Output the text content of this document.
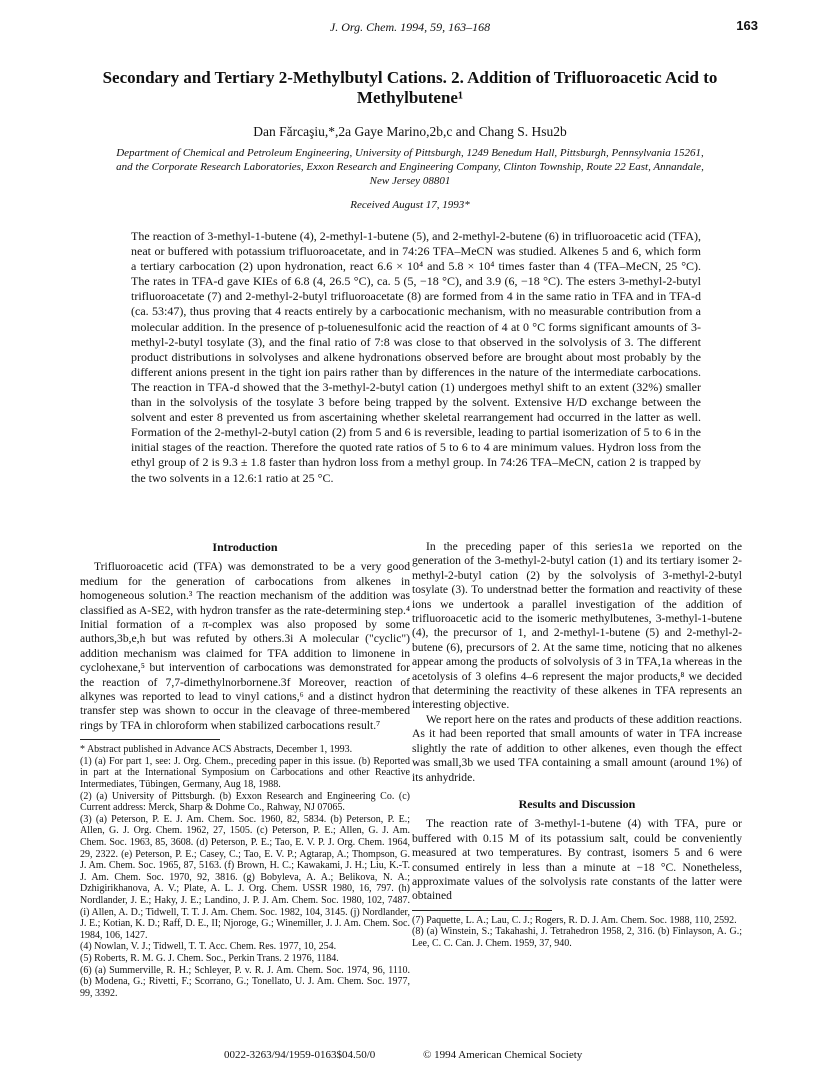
J. Org. Chem. 1994, 59, 163–168	163
Secondary and Tertiary 2-Methylbutyl Cations. 2. Addition of Trifluoroacetic Acid to Methylbutene¹
Dan Fărcaşiu,*,2a Gaye Marino,2b,c and Chang S. Hsu2b
Department of Chemical and Petroleum Engineering, University of Pittsburgh, 1249 Benedum Hall, Pittsburgh, Pennsylvania 15261, and the Corporate Research Laboratories, Exxon Research and Engineering Company, Clinton Township, Route 22 East, Annandale, New Jersey 08801
Received August 17, 1993*
The reaction of 3-methyl-1-butene (4), 2-methyl-1-butene (5), and 2-methyl-2-butene (6) in trifluoroacetic acid (TFA), neat or buffered with potassium trifluoroacetate, and in 74:26 TFA–MeCN was studied. Alkenes 5 and 6, which form a tertiary carbocation (2) upon hydronation, react 6.6 × 10⁴ and 5.8 × 10⁴ times faster than 4 (TFA–MeCN, 25 °C). The rates in TFA-d gave KIEs of 6.8 (4, 26.5 °C), ca. 5 (5, −18 °C), and 3.9 (6, −18 °C). The esters 3-methyl-2-butyl trifluoroacetate (7) and 2-methyl-2-butyl trifluoroacetate (8) are formed from 4 in the same ratio in TFA and in TFA-d (ca. 53:47), thus proving that 4 reacts entirely by a carbocationic mechanism, with no measurable contribution from a molecular addition. In the presence of p-toluenesulfonic acid the reaction of 4 at 0 °C forms significant amounts of 3-methyl-2-butyl tosylate (3), and the final ratio of 7:8 was close to that observed in the solvolysis of 3. The different product distributions in solvolyses and alkene hydronations observed before are brought about most probably by the different anions present in the tight ion pairs rather than by differences in the nature of the intermediate carbocations. The reaction in TFA-d showed that the 3-methyl-2-butyl cation (1) undergoes methyl shift to an extent (32%) smaller than in the solvolysis of the tosylate 3 before being trapped by the solvent. Extensive H/D exchange between the solvent and ester 8 prevented us from ascertaining whether skeletal rearrangement had occurred in the latter as well. Formation of the 2-methyl-2-butyl cation (2) from 5 and 6 is reversible, leading to partial isomerization of 5 to 6 in the initial stages of the reaction. Therefore the quoted rate ratios of 5 to 6 to 4 are minimum values. Hydron loss from the ethyl group of 2 is 9.3 ± 1.8 faster than hydron loss from a methyl group. In 74:26 TFA–MeCN, cation 2 is trapped by the two solvents in a 12.6:1 ratio at 25 °C.
Introduction

Trifluoroacetic acid (TFA) was demonstrated to be a very good medium for the generation of carbocations from alkenes in homogeneous solution.³ The reaction mechanism of the addition was classified as A-SE2, with hydron transfer as the rate-determining step.⁴ Initial formation of a π-complex was also proposed by some authors,3b,e,h but was refuted by others.3i A molecular ("cyclic") addition mechanism was claimed for TFA addition to limonene in cyclohexane,⁵ but intervention of carbocations was demonstrated for the reaction of 7,7-dimethylnorbornene.3f Moreover, reaction of alkynes was reported to lead to vinyl cations,⁶ and a distinct hydron transfer step was shown to occur in the cleavage of three-membered rings by TFA in chloroform when stabilized carbocations result.⁷

* Abstract published in Advance ACS Abstracts, December 1, 1993.

(1) (a) For part 1, see: J. Org. Chem., preceding paper in this issue. (b) Reported in part at the International Symposium on Carbocations and other Reactive Intermediates, Tübingen, Germany, Aug 18, 1988.

(2) (a) University of Pittsburgh. (b) Exxon Research and Engineering Co. (c) Current address: Merck, Sharp & Dohme Co., Rahway, NJ 07065.

(3) (a) Peterson, P. E. J. Am. Chem. Soc. 1960, 82, 5834. (b) Peterson, P. E.; Allen, G. J. Org. Chem. 1962, 27, 1505. (c) Peterson, P. E.; Allen, G. J. Am. Chem. Soc. 1963, 85, 3608. (d) Peterson, P. E.; Tao, E. V. P. J. Org. Chem. 1964, 29, 2322. (e) Peterson, P. E.; Casey, C.; Tao, E. V. P.; Agtarap, A.; Thompson, G. J. Am. Chem. Soc. 1965, 87, 5163. (f) Brown, H. C.; Kawakami, J. H.; Liu, K.-T. J. Am. Chem. Soc. 1970, 92, 3816. (g) Bobyleva, A. A.; Belikova, N. A.; Dzhigirikhanova, A. V.; Plate, A. L. J. Org. Chem. USSR 1980, 16, 797. (h) Nordlander, J. E.; Haky, J. E.; Landino, J. P. J. Am. Chem. Soc. 1980, 102, 7487. (i) Allen, A. D.; Tidwell, T. T. J. Am. Chem. Soc. 1982, 104, 3145. (j) Nordlander, J. E.; Kotian, K. D.; Raff, D. E., II; Njoroge, G.; Winemiller, J. J. Am. Chem. Soc. 1984, 106, 1427.

(4) Nowlan, V. J.; Tidwell, T. T. Acc. Chem. Res. 1977, 10, 254.

(5) Roberts, R. M. G. J. Chem. Soc., Perkin Trans. 2 1976, 1184.

(6) (a) Summerville, R. H.; Schleyer, P. v. R. J. Am. Chem. Soc. 1974, 96, 1110. (b) Modena, G.; Rivetti, F.; Scorrano, G.; Tonellato, U. J. Am. Chem. Soc. 1977, 99, 3392.

In the preceding paper of this series1a we reported on the generation of the 3-methyl-2-butyl cation (1) and its tertiary isomer 2-methyl-2-butyl cation (2) by the solvolysis of 3-methyl-2-butyl tosylate (3). To understnad better the formation and reactivity of these ions we undertook a parallel investigation of the addition of trifluoroacetic acid to the isomeric methylbutenes, 3-methyl-1-butene (4), the precursor of 1, and 2-methyl-1-butene (5) and 2-methyl-2-butene (6), precursors of 2. At the same time, noticing that no alkenes appear among the products of solvolysis of 3 in TFA,1a whereas in the acetolysis of 3 olefins 4–6 represent the major products,⁸ we decided that determining the reactivity of these alkenes in TFA represents an interesting objective.

We report here on the rates and products of these addition reactions. As it had been reported that small amounts of water in TFA increase slightly the rate of addition to other alkenes, even though the effect was small,3b we used TFA containing a small amount (around 1%) of its anhydride.

Results and Discussion

The reaction rate of 3-methyl-1-butene (4) with TFA, pure or buffered with 0.15 M of its potassium salt, could be conveniently measured at two temperatures. By contrast, isomers 5 and 6 were consumed entirely in less than a minute at −18 °C. Nonetheless, approximate values of the solvolysis rate constants of the latter were obtained

(7) Paquette, L. A.; Lau, C. J.; Rogers, R. D. J. Am. Chem. Soc. 1988, 110, 2592.

(8) (a) Winstein, S.; Takahashi, J. Tetrahedron 1958, 2, 316. (b) Finlayson, A. G.; Lee, C. C. Can. J. Chem. 1959, 37, 940.

0022-3263/94/1959-0163$04.50/0	© 1994 American Chemical Society
